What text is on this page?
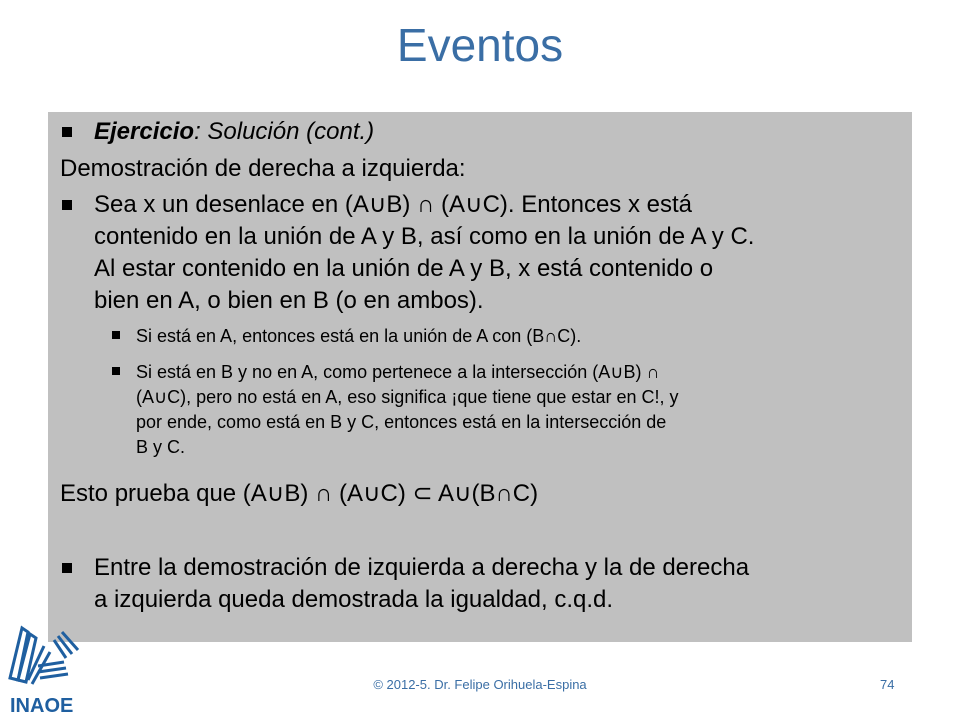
Eventos
Ejercicio: Solución (cont.)
Demostración de derecha a izquierda:
Sea x un desenlace en (A∪B) ∩ (A∪C). Entonces x está
contenido en la unión de A y B, así como en la unión de A y C.
Al estar contenido en la unión de A y B, x está contenido o
bien en A, o bien en B (o en ambos).
Si está en A, entonces está en la unión de A con (B∩C).
Si está en B y no en A, como pertenece a la intersección (A∪B) ∩
(A∪C), pero no está en A, eso significa ¡que tiene que estar en C!, y
por ende, como está en B y C, entonces está en la intersección de
B y C.
Esto prueba que (A∪B) ∩ (A∪C) ⊂ A∪(B∩C)
Entre la demostración de izquierda a derecha y la de derecha
a izquierda queda demostrada la igualdad, c.q.d.
© 2012-5. Dr. Felipe Orihuela-Espina	74
INAOE
